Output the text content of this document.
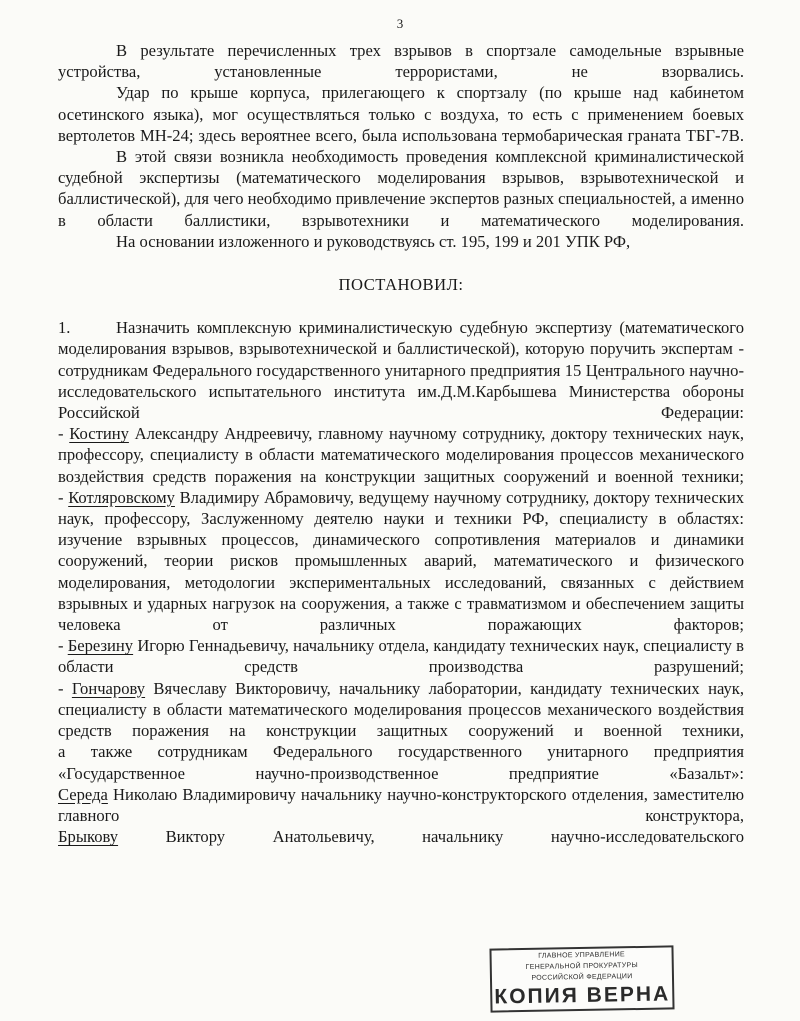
3

В результате перечисленных трех взрывов в спортзале самодельные взрывные устройства, установленные террористами, не взорвались.

Удар по крыше корпуса, прилегающего к спортзалу (по крыше над кабинетом осетинского языка), мог осуществляться только с воздуха, то есть с применением боевых вертолетов МН-24; здесь вероятнее всего, была использована термобарическая граната ТБГ-7В.

В этой связи возникла необходимость проведения комплексной криминалистической судебной экспертизы (математического моделирования взрывов, взрывотехнической и баллистической), для чего необходимо привлечение экспертов разных специальностей, а именно в области баллистики, взрывотехники и математического моделирования.

На основании изложенного и руководствуясь ст. 195, 199 и 201 УПК РФ,

ПОСТАНОВИЛ:

1.	Назначить комплексную криминалистическую судебную экспертизу (математического моделирования взрывов, взрывотехнической и баллистической), которую поручить экспертам - сотрудникам Федерального государственного унитарного предприятия 15 Центрального научно-исследовательского испытательного института им.Д.М.Карбышева Министерства обороны Российской Федерации:

- Костину Александру Андреевичу, главному научному сотруднику, доктору технических наук, профессору, специалисту в области математического моделирования процессов механического воздействия средств поражения на конструкции защитных сооружений и военной техники;

- Котляровскому Владимиру Абрамовичу, ведущему научному сотруднику, доктору технических наук, профессору, Заслуженному деятелю науки и техники РФ, специалисту в областях: изучение взрывных процессов, динамического сопротивления материалов и динамики сооружений, теории рисков промышленных аварий, математического и физического моделирования, методологии экспериментальных исследований, связанных с действием взрывных и ударных нагрузок на сооружения, а также с травматизмом и обеспечением защиты человека от различных поражающих факторов;

- Березину Игорю Геннадьевичу, начальнику отдела, кандидату технических наук, специалисту в области средств производства разрушений;

- Гончарову Вячеславу Викторовичу, начальнику лаборатории, кандидату технических наук, специалисту в области математического моделирования процессов механического воздействия средств поражения на конструкции защитных сооружений и военной техники,

а также сотрудникам Федерального государственного унитарного предприятия «Государственное научно-производственное предприятие «Базальт»:

Середа Николаю Владимировичу начальнику научно-конструкторского отделения, заместителю главного конструктора,

Брыкову Виктору Анатольевичу, начальнику научно-исследовательского

ГЛАВНОЕ УПРАВЛЕНИЕ
ГЕНЕРАЛЬНОЙ ПРОКУРАТУРЫ
РОССИЙСКОЙ ФЕДЕРАЦИИ
КОПИЯ ВЕРНА
